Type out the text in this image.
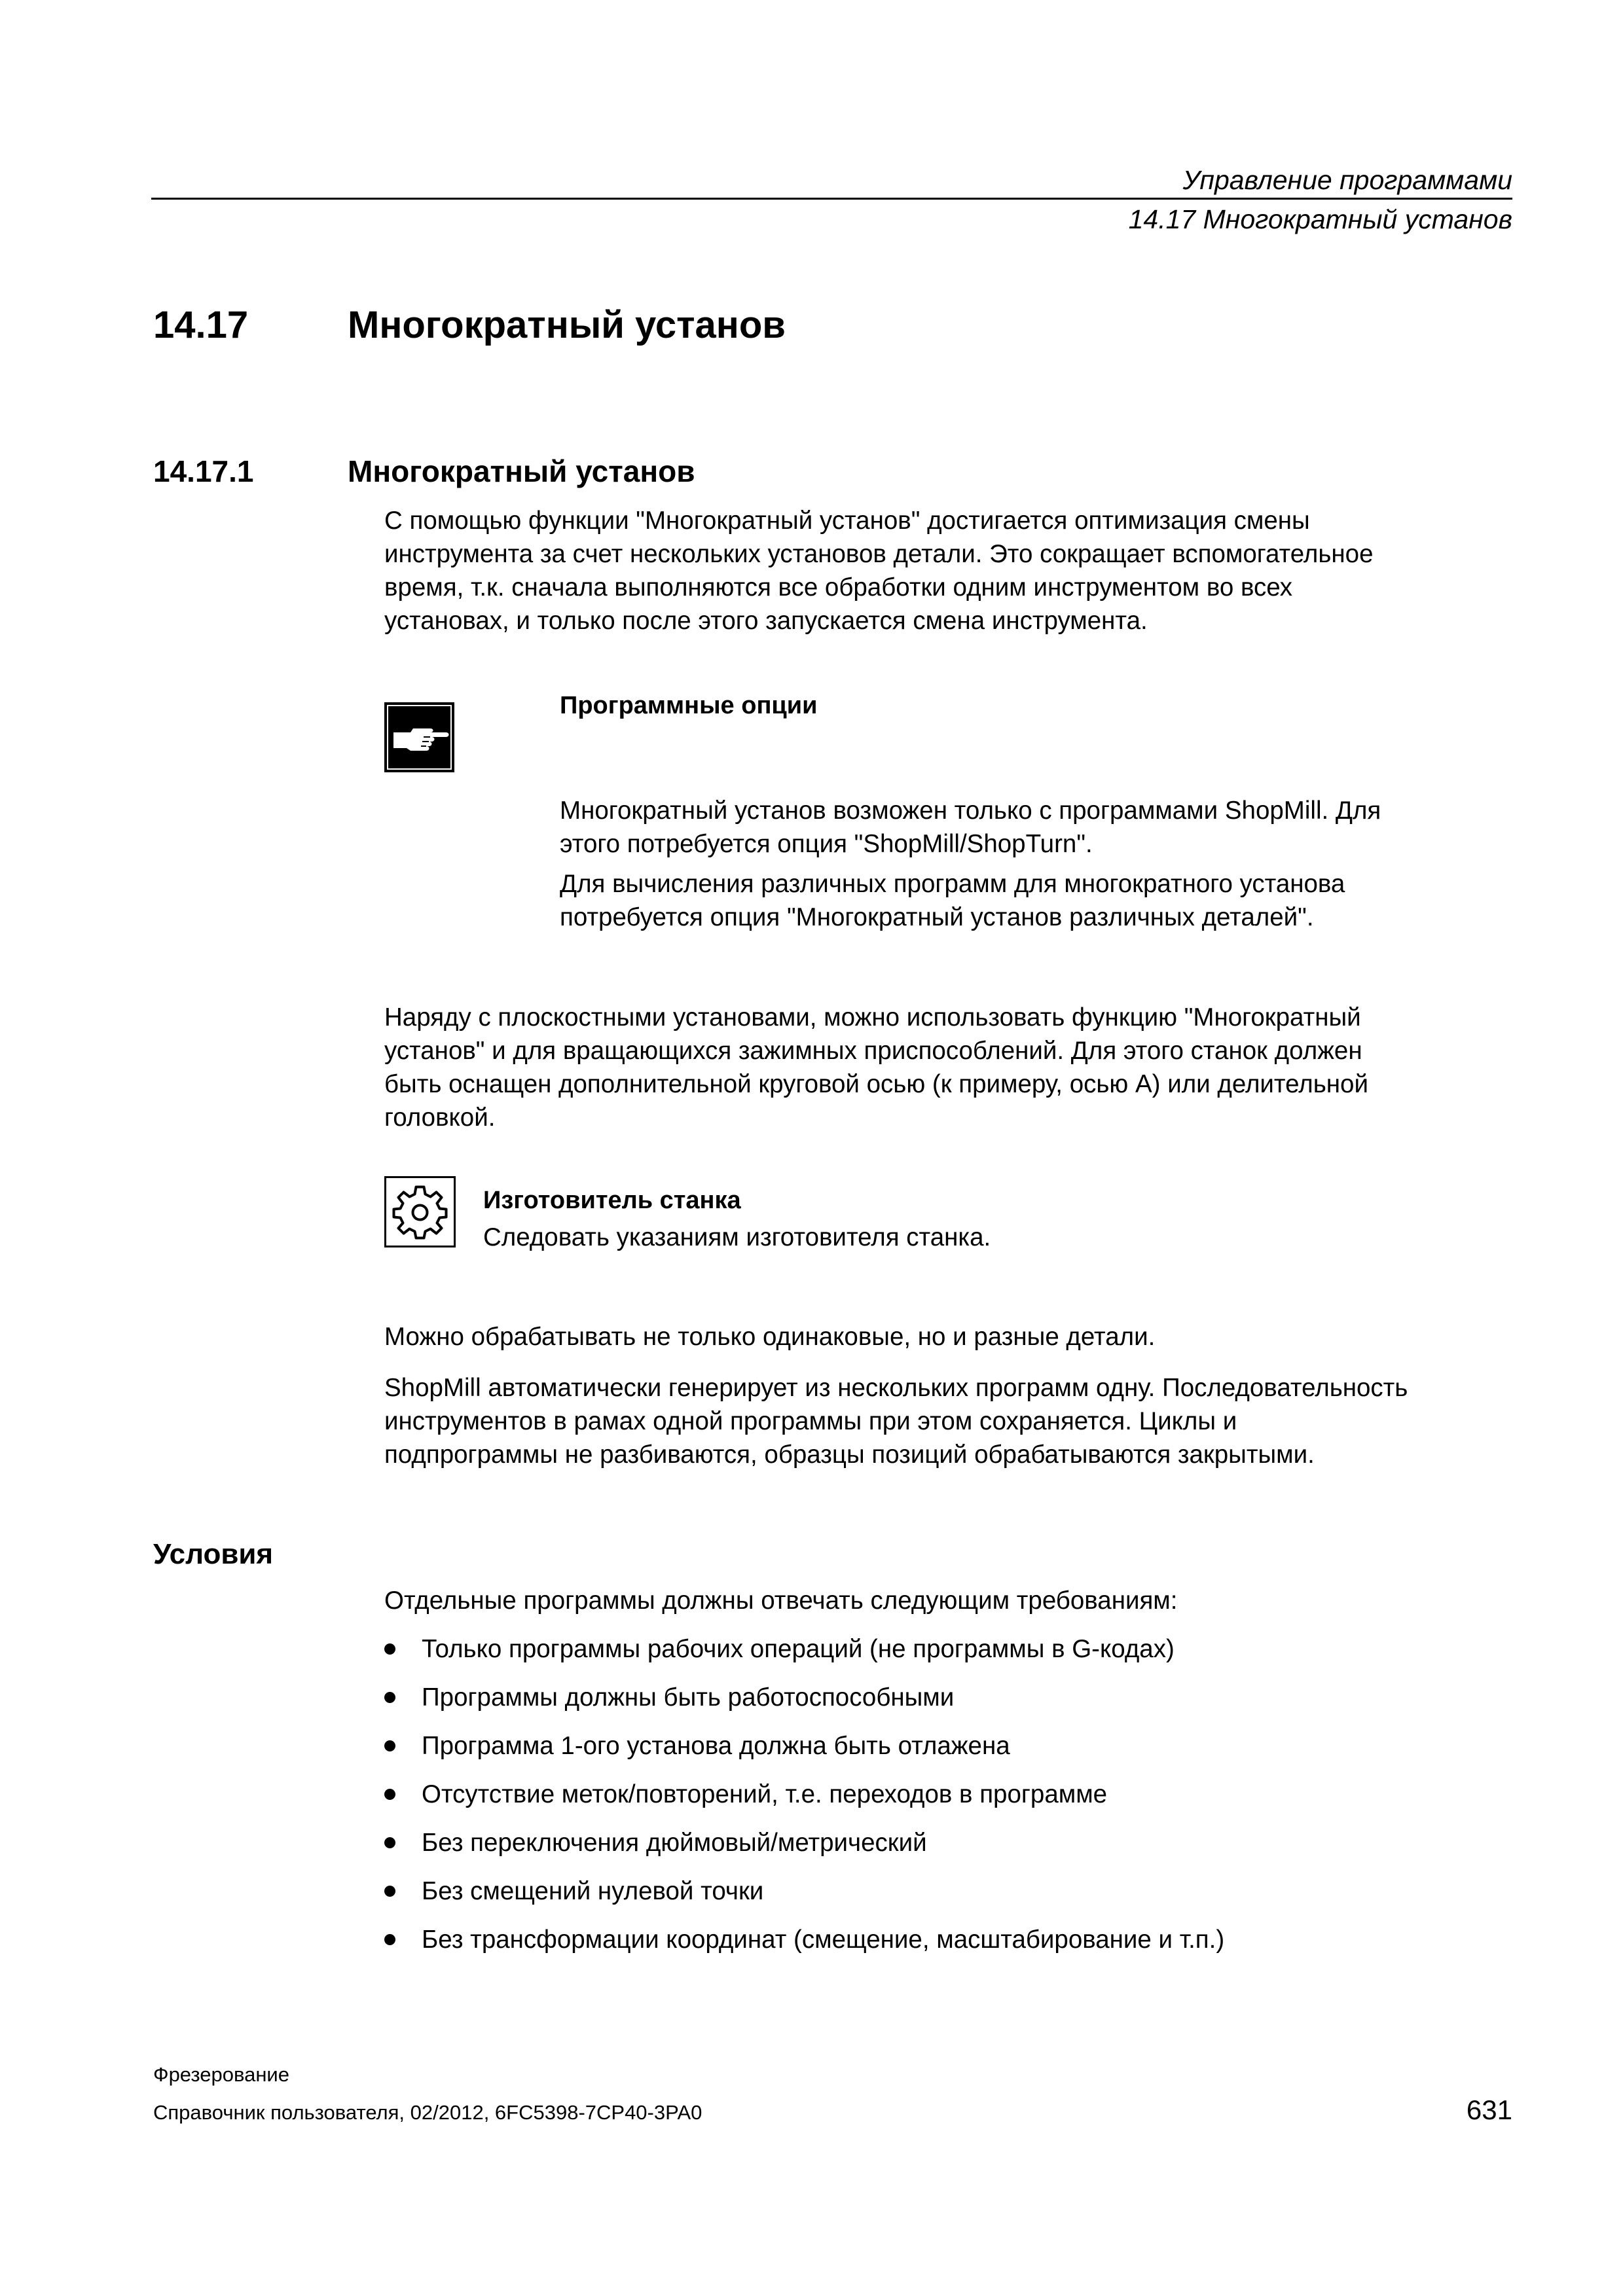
Управление программами
14.17 Многократный установ
14.17	Многократный установ
14.17.1	Многократный установ
С помощью функции "Многократный установ" достигается оптимизация смены
инструмента за счет нескольких установов детали. Это сокращает вспомогательное
время, т.к. сначала выполняются все обработки одним инструментом во всех
установах, и только после этого запускается смена инструмента.
Программные опции
Многократный установ возможен только с программами ShopMill. Для
этого потребуется опция "ShopMill/ShopTurn".
Для вычисления различных программ для многократного установа
потребуется опция "Многократный установ различных деталей".
Наряду с плоскостными установами, можно использовать функцию "Многократный
установ" и для вращающихся зажимных приспособлений. Для этого станок должен
быть оснащен дополнительной круговой осью (к примеру, осью А) или делительной
головкой.
Изготовитель станка
Следовать указаниям изготовителя станка.
Можно обрабатывать не только одинаковые, но и разные детали.
ShopMill автоматически генерирует из нескольких программ одну. Последовательность
инструментов в рамах одной программы при этом сохраняется. Циклы и
подпрограммы не разбиваются, образцы позиций обрабатываются закрытыми.
Условия
Отдельные программы должны отвечать следующим требованиям:
Только программы рабочих операций (не программы в G-кодах)
Программы должны быть работоспособными
Программа 1-ого установа должна быть отлажена
Отсутствие меток/повторений, т.е. переходов в программе
Без переключения дюймовый/метрический
Без смещений нулевой точки
Без трансформации координат (смещение, масштабирование и т.п.)
Фрезерование
Справочник пользователя, 02/2012, 6FC5398-7CP40-3PA0	631
